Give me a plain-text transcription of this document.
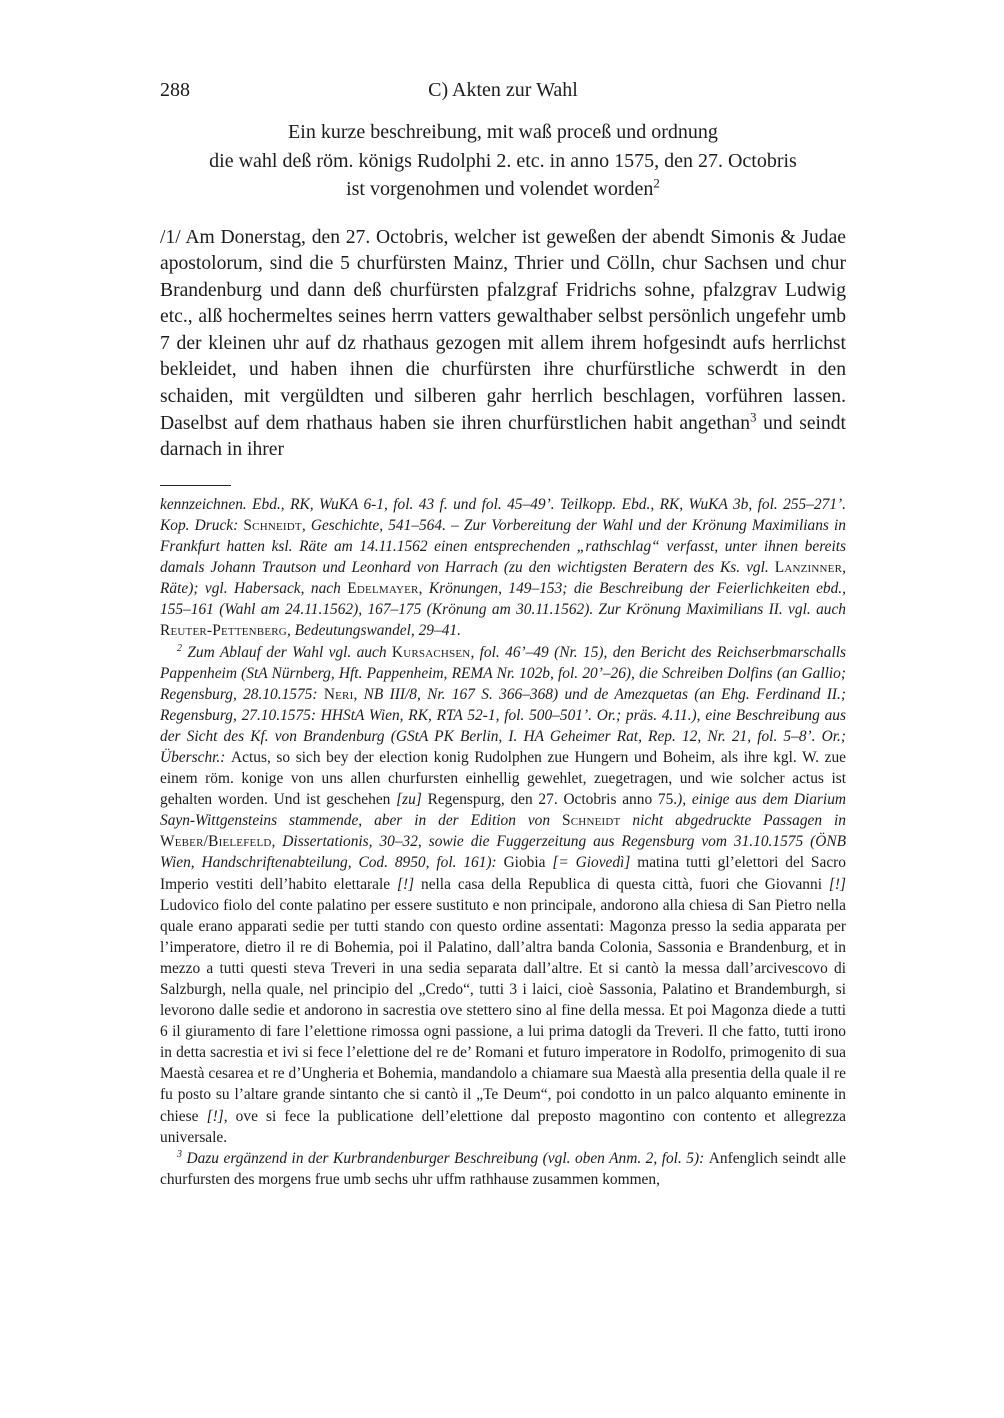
288	C) Akten zur Wahl
Ein kurze beschreibung, mit waß proceß und ordnung
die wahl deß röm. königs Rudolphi 2. etc. in anno 1575, den 27. Octobris
ist vorgenohmen und volendet worden$^2$

/1/ Am Donerstag, den 27. Octobris, welcher ist geweßen der abendt Simonis & Judae apostolorum, sind die 5 churfürsten Mainz, Thrier und Cölln, chur Sachsen und chur Brandenburg und dann deß churfürsten pfalzgraf Fridrichs sohne, pfalzgrav Ludwig etc., alß hochermeltes seines herrn vatters gewalthaber selbst persönlich ungefehr umb 7 der kleinen uhr auf dz rhathaus gezogen mit allem ihrem hofgesindt aufs herrlichst bekleidet, und haben ihnen die churfürsten ihre churfürstliche schwerdt in den schaiden, mit vergüldten und silberen gahr herrlich beschlagen, vorführen lassen. Daselbst auf dem rhathaus haben sie ihren churfürstlichen habit angethan$^3$ und seindt darnach in ihrer

kennzeichnen. Ebd., RK, WuKA 6-1, fol. 43 f. und fol. 45–49’. Teilkopp. Ebd., RK, WuKA 3b, fol. 255–271’. Kop. Druck: Schneidt, Geschichte, 541–564. – Zur Vorbereitung der Wahl und der Krönung Maximilians in Frankfurt hatten ksl. Räte am 14.11.1562 einen entsprechenden „rathschlag“ verfasst, unter ihnen bereits damals Johann Trautson und Leonhard von Harrach (zu den wichtigsten Beratern des Ks. vgl. Lanzinner, Räte); vgl. Habersack, nach Edelmayer, Krönungen, 149–153; die Beschreibung der Feierlichkeiten ebd., 155–161 (Wahl am 24.11.1562), 167–175 (Krönung am 30.11.1562). Zur Krönung Maximilians II. vgl. auch Reuter-Pettenberg, Bedeutungswandel, 29–41.

$^2$ Zum Ablauf der Wahl vgl. auch Kursachsen, fol. 46’–49 (Nr. 15), den Bericht des Reichserbmarschalls Pappenheim (StA Nürnberg, Hft. Pappenheim, REMA Nr. 102b, fol. 20’–26), die Schreiben Dolfins (an Gallio; Regensburg, 28.10.1575: Neri, NB III/8, Nr. 167 S. 366–368) und de Amezquetas (an Ehg. Ferdinand II.; Regensburg, 27.10.1575: HHStA Wien, RK, RTA 52-1, fol. 500–501’. Or.; präs. 4.11.), eine Beschreibung aus der Sicht des Kf. von Brandenburg (GStA PK Berlin, I. HA Geheimer Rat, Rep. 12, Nr. 21, fol. 5–8’. Or.; Überschr.: Actus, so sich bey der election konig Rudolphen zue Hungern und Boheim, als ihre kgl. W. zue einem röm. konige von uns allen churfursten einhellig gewehlet, zuegetragen, und wie solcher actus ist gehalten worden. Und ist geschehen [zu] Regenspurg, den 27. Octobris anno 75.), einige aus dem Diarium Sayn-Wittgensteins stammende, aber in der Edition von Schneidt nicht abgedruckte Passagen in Weber/Bielefeld, Dissertationis, 30–32, sowie die Fuggerzeitung aus Regensburg vom 31.10.1575 (ÖNB Wien, Handschriftenabteilung, Cod. 8950, fol. 161): Giobia [= Giovedì] matina tutti gl’elettori del Sacro Imperio vestiti dell’habito elettarale [!] nella casa della Republica di questa città, fuori che Giovanni [!] Ludovico fiolo del conte palatino per essere sustituto e non principale, andorono alla chiesa di San Pietro nella quale erano apparati sedie per tutti stando con questo ordine assentati: Magonza presso la sedia apparata per l’imperatore, dietro il re di Bohemia, poi il Palatino, dall’altra banda Colonia, Sassonia e Brandenburg, et in mezzo a tutti questi steva Treveri in una sedia separata dall’altre. Et si cantò la messa dall’arcivescovo di Salzburgh, nella quale, nel principio del „Credo“, tutti 3 i laici, cioè Sassonia, Palatino et Brandemburgh, si levorono dalle sedie et andorono in sacrestia ove stettero sino al fine della messa. Et poi Magonza diede a tutti 6 il giuramento di fare l’elettione rimossa ogni passione, a lui prima datogli da Treveri. Il che fatto, tutti irono in detta sacrestia et ivi si fece l’elettione del re de’ Romani et futuro imperatore in Rodolfo, primogenito di sua Maestà cesarea et re d’Ungheria et Bohemia, mandandolo a chiamare sua Maestà alla presentia della quale il re fu posto su l’altare grande sintanto che si cantò il „Te Deum“, poi condotto in un palco alquanto eminente in chiese [!], ove si fece la publicatione dell’elettione dal preposto magontino con contento et allegrezza universale.

$^3$ Dazu ergänzend in der Kurbrandenburger Beschreibung (vgl. oben Anm. 2, fol. 5): Anfenglich seindt alle churfursten des morgens frue umb sechs uhr uffm rathhause zusammen kommen,
